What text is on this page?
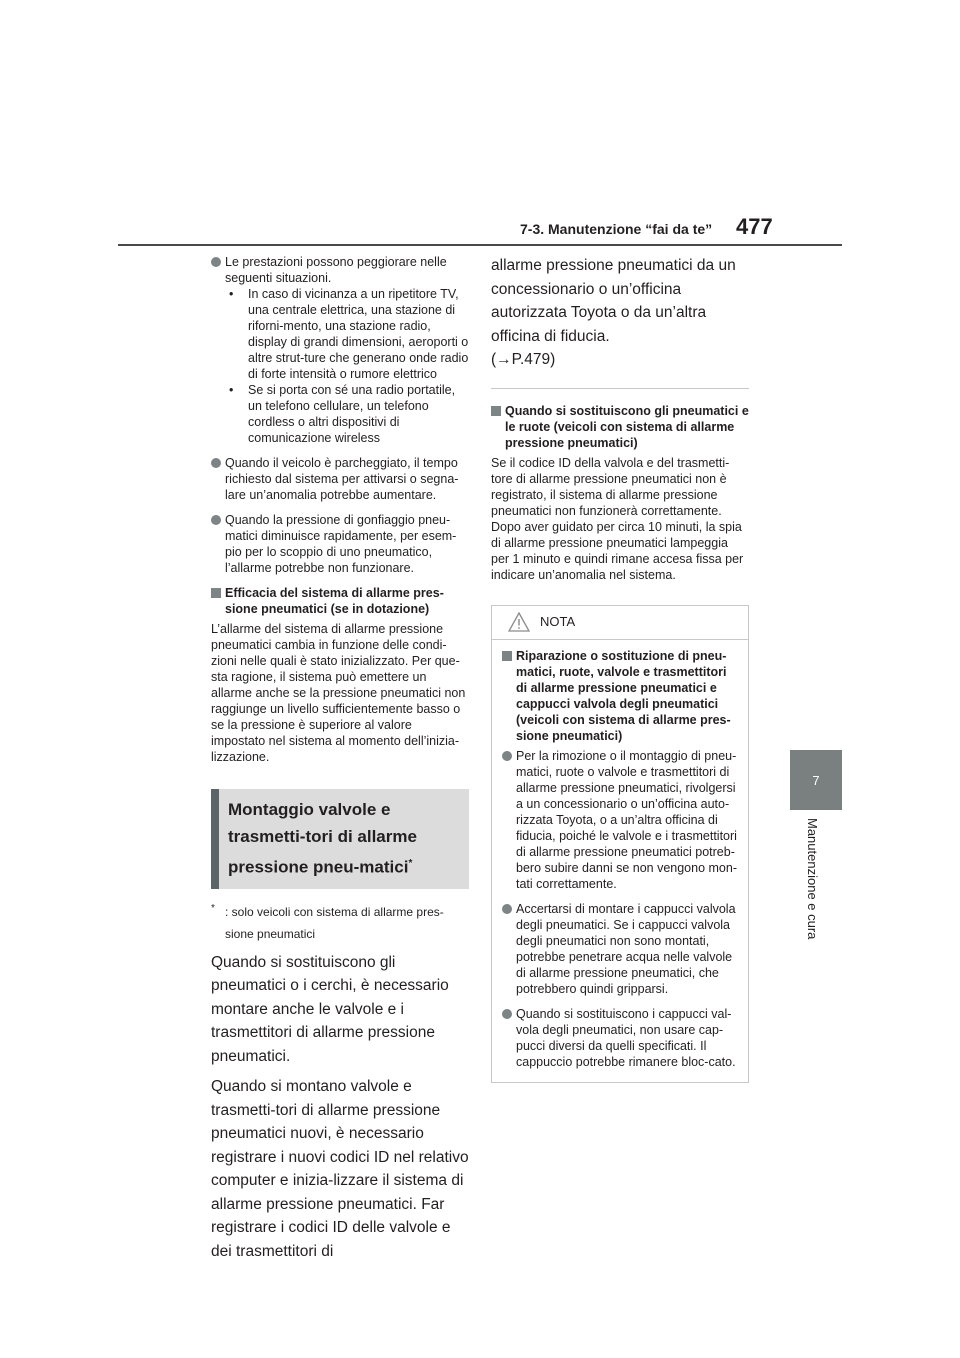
7-3. Manutenzione “fai da te” 477
7
Manutenzione e cura
Le prestazioni possono peggiorare nelle seguenti situazioni.
• In caso di vicinanza a un ripetitore TV, una centrale elettrica, una stazione di riforni-mento, una stazione radio, display di grandi dimensioni, aeroporti o altre strut-ture che generano onde radio di forte intensità o rumore elettrico
• Se si porta con sé una radio portatile, un telefono cellulare, un telefono cordless o altri dispositivi di comunicazione wireless
Quando il veicolo è parcheggiato, il tempo richiesto dal sistema per attivarsi o segna-lare un’anomalia potrebbe aumentare.
Quando la pressione di gonfiaggio pneu-matici diminuisce rapidamente, per esem-pio per lo scoppio di uno pneumatico, l’allarme potrebbe non funzionare.
Efficacia del sistema di allarme pres-sione pneumatici (se in dotazione)
L’allarme del sistema di allarme pressione pneumatici cambia in funzione delle condi-zioni nelle quali è stato inizializzato. Per que-sta ragione, il sistema può emettere un allarme anche se la pressione pneumatici non raggiunge un livello sufficientemente basso o se la pressione è superiore al valore impostato nel sistema al momento dell’inizia-lizzazione.
Montaggio valvole e trasmetti-tori di allarme pressione pneu-matici*
* : solo veicoli con sistema di allarme pres-sione pneumatici

Quando si sostituiscono gli pneumatici o i cerchi, è necessario montare anche le valvole e i trasmettitori di allarme pressione pneumatici.

Quando si montano valvole e trasmetti-tori di allarme pressione pneumatici nuovi, è necessario registrare i nuovi codici ID nel relativo computer e inizia-lizzare il sistema di allarme pressione pneumatici. Far registrare i codici ID delle valvole e dei trasmettitori di

allarme pressione pneumatici da un concessionario o un’officina autorizzata Toyota o da un’altra officina di fiducia.

(→P.479)

Quando si sostituiscono gli pneumatici e le ruote (veicoli con sistema di allarme pressione pneumatici)
Se il codice ID della valvola e del trasmetti-tore di allarme pressione pneumatici non è registrato, il sistema di allarme pressione pneumatici non funzionerà correttamente. Dopo aver guidato per circa 10 minuti, la spia di allarme pressione pneumatici lampeggia per 1 minuto e quindi rimane accesa fissa per indicare un’anomalia nel sistema.
NOTA
Riparazione o sostituzione di pneu-matici, ruote, valvole e trasmettitori di allarme pressione pneumatici e cappucci valvola degli pneumatici (veicoli con sistema di allarme pres-sione pneumatici)
Per la rimozione o il montaggio di pneu-matici, ruote o valvole e trasmettitori di allarme pressione pneumatici, rivolgersi a un concessionario o un’officina auto-rizzata Toyota, o a un’altra officina di fiducia, poiché le valvole e i trasmettitori di allarme pressione pneumatici potreb-bero subire danni se non vengono mon-tati correttamente.
Accertarsi di montare i cappucci valvola degli pneumatici. Se i cappucci valvola degli pneumatici non sono montati, potrebbe penetrare acqua nelle valvole di allarme pressione pneumatici, che potrebbero quindi gripparsi.
Quando si sostituiscono i cappucci val-vola degli pneumatici, non usare cap-pucci diversi da quelli specificati. Il cappuccio potrebbe rimanere bloc-cato.
